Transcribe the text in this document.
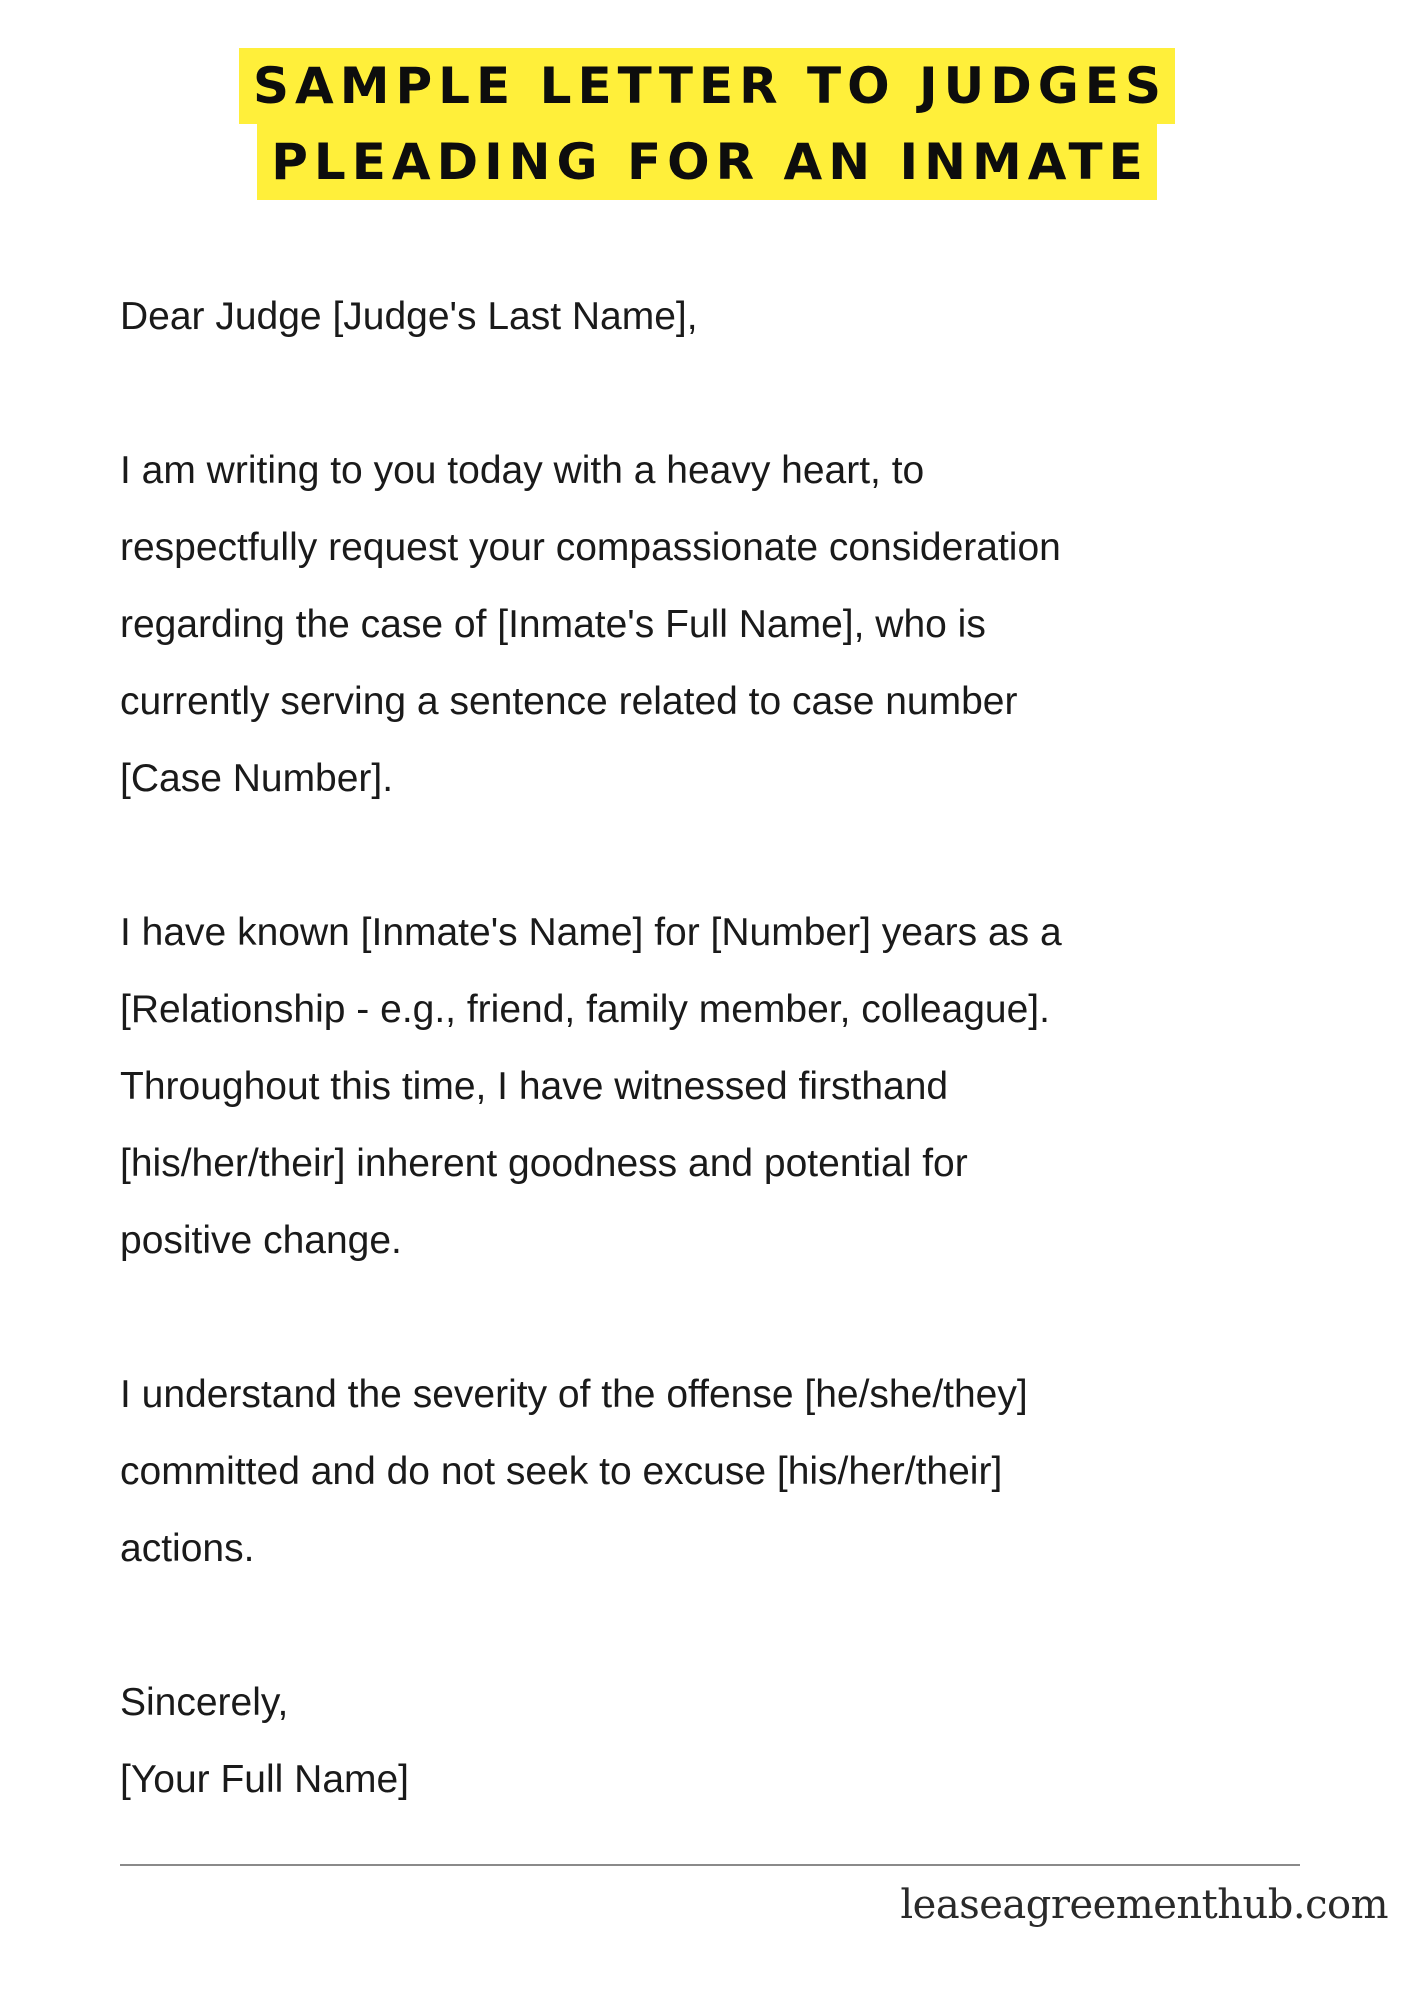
SAMPLE LETTER TO JUDGES
PLEADING FOR AN INMATE
Dear Judge [Judge's Last Name],
I am writing to you today with a heavy heart, to
respectfully request your compassionate consideration
regarding the case of [Inmate's Full Name], who is
currently serving a sentence related to case number
[Case Number].
I have known [Inmate's Name] for [Number] years as a
[Relationship - e.g., friend, family member, colleague].
Throughout this time, I have witnessed firsthand
[his/her/their] inherent goodness and potential for
positive change.
I understand the severity of the offense [he/she/they]
committed and do not seek to excuse [his/her/their]
actions.
Sincerely,
[Your Full Name]
leaseagreementhub.com
